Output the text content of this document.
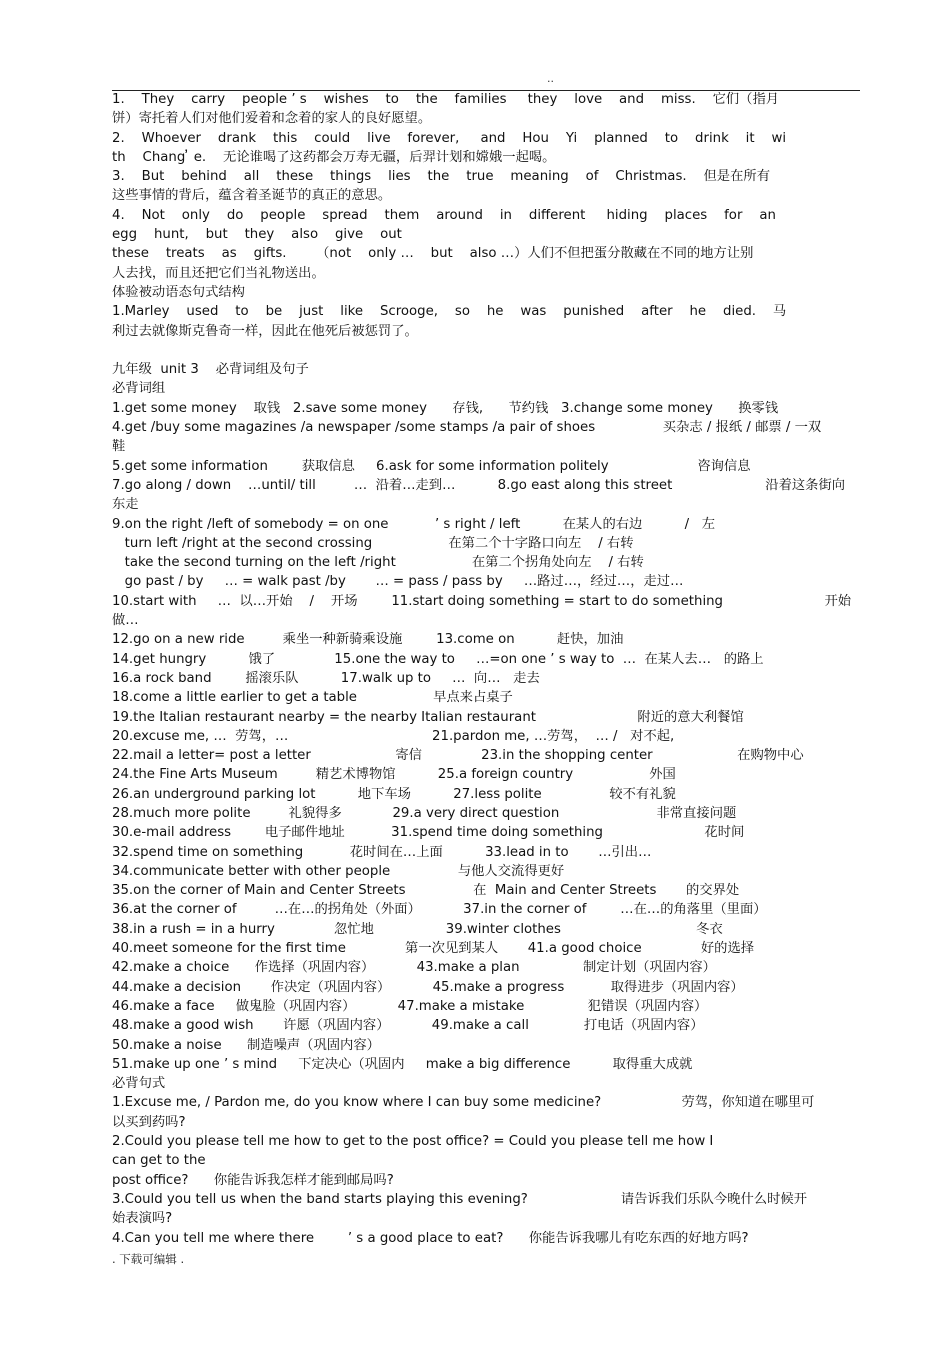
..
1.    They    carry    people ’ s    wishes    to    the    families     they    love    and    miss.    它们（指月
饼）寄托着人们对他们爱着和念着的家人的良好愿望。
2.    Whoever    drank    this    could    live    forever,     and    Hou    Yi    planned    to    drink    it    wi
th    Chang ̓ e.    无论谁喝了这药都会万寿无疆，后羿计划和嫦娥一起喝。
3.    But    behind    all    these    things    lies    the    true    meaning    of    Christmas.    但是在所有
这些事情的背后，蕴含着圣诞节的真正的意思。
4.    Not    only    do    people    spread    them    around    in    different     hiding    places    for    an
egg    hunt,    but    they    also    give    out
these    treats    as    gifts.       （not    only …    but    also …）人们不但把蛋分散藏在不同的地方让别
人去找，而且还把它们当礼物送出。
体验被动语态句式结构
1.Marley    used    to    be    just    like    Scrooge,    so    he    was    punished    after    he    died.    马
利过去就像斯克鲁奇一样，因此在他死后被惩罚了。
九年级  unit 3    必背词组及句子
必背词组
1.get some money    取钱   2.save some money      存钱,      节约钱   3.change some money      换零钱
4.get /buy some magazines /a newspaper /some stamps /a pair of shoes                买杂志 / 报纸 / 邮票 / 一双
鞋
5.get some information        获取信息     6.ask for some information politely                     咨询信息
7.go along / down    …until/ till         …  沿着…走到…          8.go east along this street                      沿着这条街向
东走
9.on the right /left of somebody = on one           ’ s right / left          在某人的右边          /   左
turn left /right at the second crossing                  在第二个十字路口向左    / 右转
take the second turning on the left /right                  在第二个拐角处向左    / 右转
go past / by     … = walk past /by       … = pass / pass by     …路过…，经过…，走过…
10.start with     …  以…开始    /    开场        11.start doing something = start to do something                        开始
做…
12.go on a new ride         乘坐一种新骑乘设施        13.come on          赶快，加油
14.get hungry          饿了              15.one the way to     …=on one ’ s way to  …  在某人去…   的路上
16.a rock band        摇滚乐队          17.walk up to     …  向…   走去
18.come a little earlier to get a table                  早点来占桌子
19.the Italian restaurant nearby = the nearby Italian restaurant                        附近的意大利餐馆
20.excuse me, …  劳驾，…                                  21.pardon me, …劳驾，  … /   对不起,
22.mail a letter= post a letter                    寄信              23.in the shopping center                    在购物中心
24.the Fine Arts Museum         精艺术博物馆          25.a foreign country                  外国
26.an underground parking lot          地下车场          27.less polite                较不有礼貌
28.much more polite         礼貌得多            29.a very direct question                       非常直接问题
30.e-mail address        电子邮件地址           31.spend time doing something                        花时间
32.spend time on something           花时间在…上面          33.lead in to       …引出…
34.communicate better with other people                与他人交流得更好
35.on the corner of Main and Center Streets                在  Main and Center Streets       的交界处
36.at the corner of         …在…的拐角处（外面）          37.in the corner of        …在…的角落里（里面）
38.in a rush = in a hurry              忽忙地                 39.winter clothes                                冬衣
40.meet someone for the first time              第一次见到某人       41.a good choice              好的选择
42.make a choice      作选择（巩固内容）          43.make a plan               制定计划（巩固内容）
44.make a decision       作决定（巩固内容）          45.make a progress           取得进步（巩固内容）
46.make a face     做鬼脸（巩固内容）          47.make a mistake               犯错误（巩固内容）
48.make a good wish       许愿（巩固内容）          49.make a call             打电话（巩固内容）
50.make a noise      制造噪声（巩固内容）
51.make up one ’ s mind     下定决心（巩固内     make a big difference          取得重大成就
必背句式
1.Excuse me, / Pardon me, do you know where I can buy some medicine?                   劳驾，你知道在哪里可
以买到药吗?
2.Could you please tell me how to get to the post office? = Could you please tell me how I
can get to the
post office?      你能告诉我怎样才能到邮局吗?
3.Could you tell us when the band starts playing this evening?                      请告诉我们乐队今晚什么时候开
始表演吗?
4.Can you tell me where there        ’ s a good place to eat?      你能告诉我哪儿有吃东西的好地方吗?
. 下载可编辑 .
